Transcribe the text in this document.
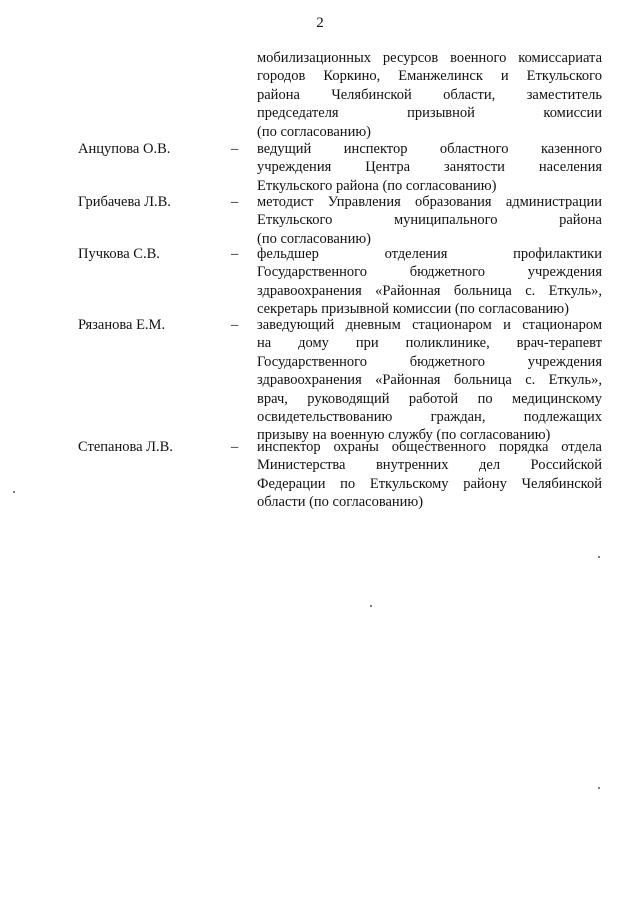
2
мобилизационных ресурсов военного комиссариата
городов Коркино, Еманжелинск и Еткульского
района Челябинской области, заместитель
председателя призывной комиссии
(по согласованию)
Анцупова О.В.	– ведущий инспектор областного казенного
учреждения Центра занятости населения
Еткульского района (по согласованию)
Грибачева Л.В.	– методист Управления образования администрации
Еткульского муниципального района
(по согласованию)
Пучкова С.В.	– фельдшер отделения профилактики
Государственного бюджетного учреждения
здравоохранения «Районная больница с. Еткуль»,
секретарь призывной комиссии (по согласованию)
Рязанова Е.М.	– заведующий дневным стационаром и стационаром
на дому при поликлинике, врач-терапевт
Государственного бюджетного учреждения
здравоохранения «Районная больница с. Еткуль»,
врач, руководящий работой по медицинскому
освидетельствованию граждан, подлежащих
призыву на военную службу (по согласованию)
Степанова Л.В.	– инспектор охраны общественного порядка отдела
Министерства внутренних дел Российской
Федерации по Еткульскому району Челябинской
области (по согласованию)
